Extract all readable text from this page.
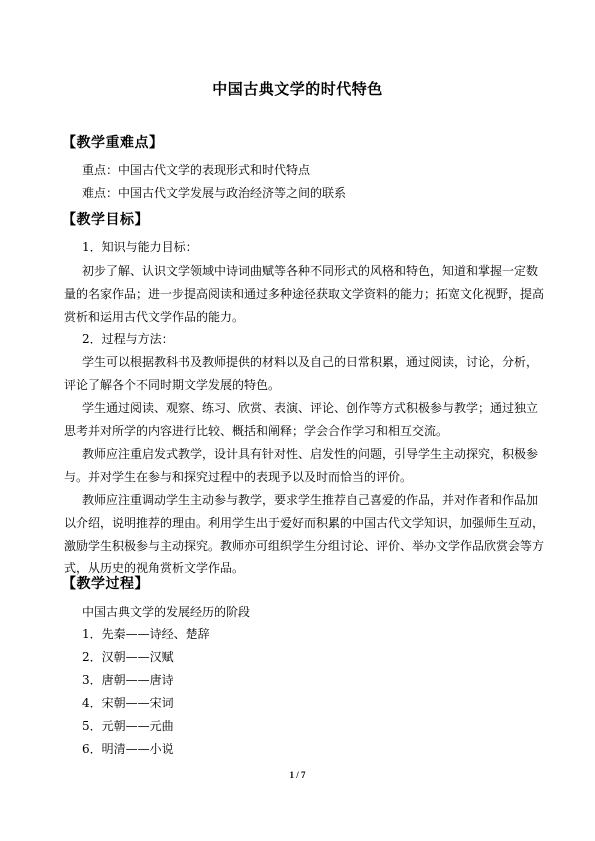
中国古典文学的时代特色
【教学重难点】
重点：中国古代文学的表现形式和时代特点
难点：中国古代文学发展与政治经济等之间的联系
【教学目标】
1．知识与能力目标：
初步了解、认识文学领域中诗词曲赋等各种不同形式的风格和特色，知道和掌握一定数
量的名家作品；进一步提高阅读和通过多种途径获取文学资料的能力；拓宽文化视野，提高
赏析和运用古代文学作品的能力。
2．过程与方法：
学生可以根据教科书及教师提供的材料以及自己的日常积累，通过阅读，讨论，分析，
评论了解各个不同时期文学发展的特色。
学生通过阅读、观察、练习、欣赏、表演、评论、创作等方式积极参与教学；通过独立
思考并对所学的内容进行比较、概括和阐释；学会合作学习和相互交流。
教师应注重启发式教学，设计具有针对性、启发性的问题，引导学生主动探究，积极参
与。并对学生在参与和探究过程中的表现予以及时而恰当的评价。
教师应注重调动学生主动参与教学，要求学生推荐自己喜爱的作品，并对作者和作品加
以介绍，说明推荐的理由。利用学生出于爱好而积累的中国古代文学知识，加强师生互动，
激励学生积极参与主动探究。教师亦可组织学生分组讨论、评价、举办文学作品欣赏会等方
式，从历史的视角赏析文学作品。
【教学过程】
中国古典文学的发展经历的阶段
1．先秦——诗经、楚辞
2．汉朝——汉赋
3．唐朝——唐诗
4．宋朝——宋词
5．元朝——元曲
6．明清——小说
1 / 7
